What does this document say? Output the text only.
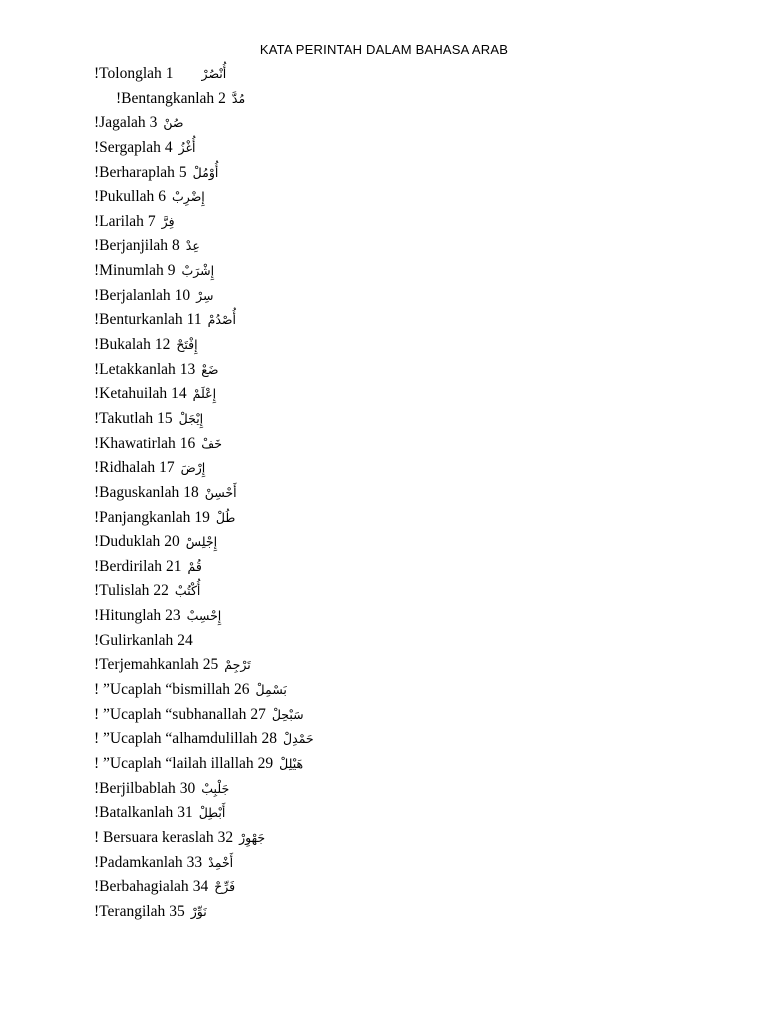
KATA PERINTAH DALAM BAHASA ARAB
!Tolonglah 1 أُنْصُرْ
!Bentangkanlah 2 مُدَّ
!Jagalah 3 صُنْ
!Sergaplah 4 أُغْزُ
!Berharaplah 5 أُوْمُلْ
!Pukullah 6 إِضْرِبْ
!Larilah 7 فِرَّ
!Berjanjilah 8 عِدْ
!Minumlah 9 إِشْرَبْ
!Berjalanlah 10 سِرْ
!Benturkanlah 11 أُصْدُمْ
!Bukalah 12 إِفْتَحْ
!Letakkanlah 13 ضَعْ
!Ketahuilah 14 إِعْلَمْ
!Takutlah 15 إِيْجَلْ
!Khawatirlah 16 خَفْ
!Ridhalah 17 إِرْضَ
!Baguskanlah 18 أَحْسِنْ
!Panjangkanlah 19 طُلْ
!Duduklah 20 إِجْلِسْ
!Berdirilah 21 قُمْ
!Tulislah 22 أُكْتُبْ
!Hitunglah 23 إِحْسِبْ
!Gulirkanlah 24
!Terjemahkanlah 25 تَرْجِمْ
! ”Ucaplah “bismillah 26 بَسْمِلْ
! ”Ucaplah “subhanallah 27 سَبْحِلْ
! ”Ucaplah “alhamdulillah 28 حَمْدِلْ
! ”Ucaplah “lailah illallah 29 هَيْلِلْ
!Berjilbablah 30 جَلْبِبْ
!Batalkanlah 31 أَبْطِلْ
! Bersuara keraslah 32 جَهْوِرْ
!Padamkanlah 33 أَخْمِدْ
!Berbahagialah 34 فَرِّحْ
!Terangilah 35 نَوِّرْ
